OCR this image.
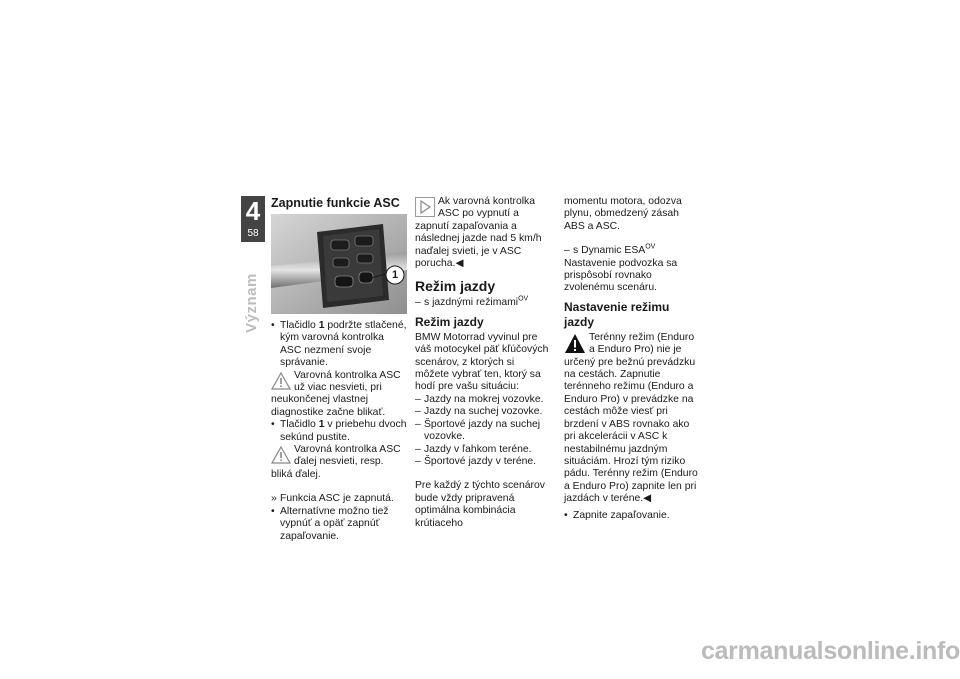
4
58
Význam
Zapnutie funkcie ASC
1

• Tlačidlo 1 podržte stlačené, kým varovná kontrolka ASC nezmení svoje správanie.

Varovná kontrolka ASC už viac nesvieti, pri neukončenej vlastnej diagnostike začne blikať.

• Tlačidlo 1 v priebehu dvoch sekúnd pustite.

Varovná kontrolka ASC ďalej nesvieti, resp. bliká ďalej.

» Funkcia ASC je zapnutá.

• Alternatívne možno tiež vypnúť a opäť zapnúť zapaľovanie.

Ak varovná kontrolka ASC po vypnutí a zapnutí zapaľovania a následnej jazde nad 5 km/h naďalej svieti, je v ASC porucha.◀

Režim jazdy

– s jazdnými režimami$^{OV}$

Režim jazdy

BMW Motorrad vyvinul pre váš motocykel päť kľúčových scenárov, z ktorých si môžete vybrať ten, ktorý sa hodí pre vašu situáciu:

– Jazdy na mokrej vozovke.

– Jazdy na suchej vozovke.

– Športové jazdy na suchej vozovke.

– Jazdy v ľahkom teréne.

– Športové jazdy v teréne.

Pre každý z týchto scenárov bude vždy pripravená optimálna kombinácia krútiaceho

momentu motora, odozva plynu, obmedzený zásah ABS a ASC.

– s Dynamic $ESA^{OV}$

Nastavenie podvozka sa prispôsobí rovnako zvolenému scenáru.

Nastavenie režimu jazdy

Terénny režim (Enduro a Enduro Pro) nie je určený pre bežnú prevádzku na cestách. Zapnutie terénneho režimu (Enduro a Enduro Pro) v prevádzke na cestách môže viesť pri brzdení v ABS rovnako ako pri akcelerácii v ASC k nestabilnému jazdným situáciám. Hrozí tým riziko pádu. Terénny režim (Enduro a Enduro Pro) zapnite len pri jazdách v teréne.◀

• Zapnite zapaľovanie.

carmanualsonline.info
